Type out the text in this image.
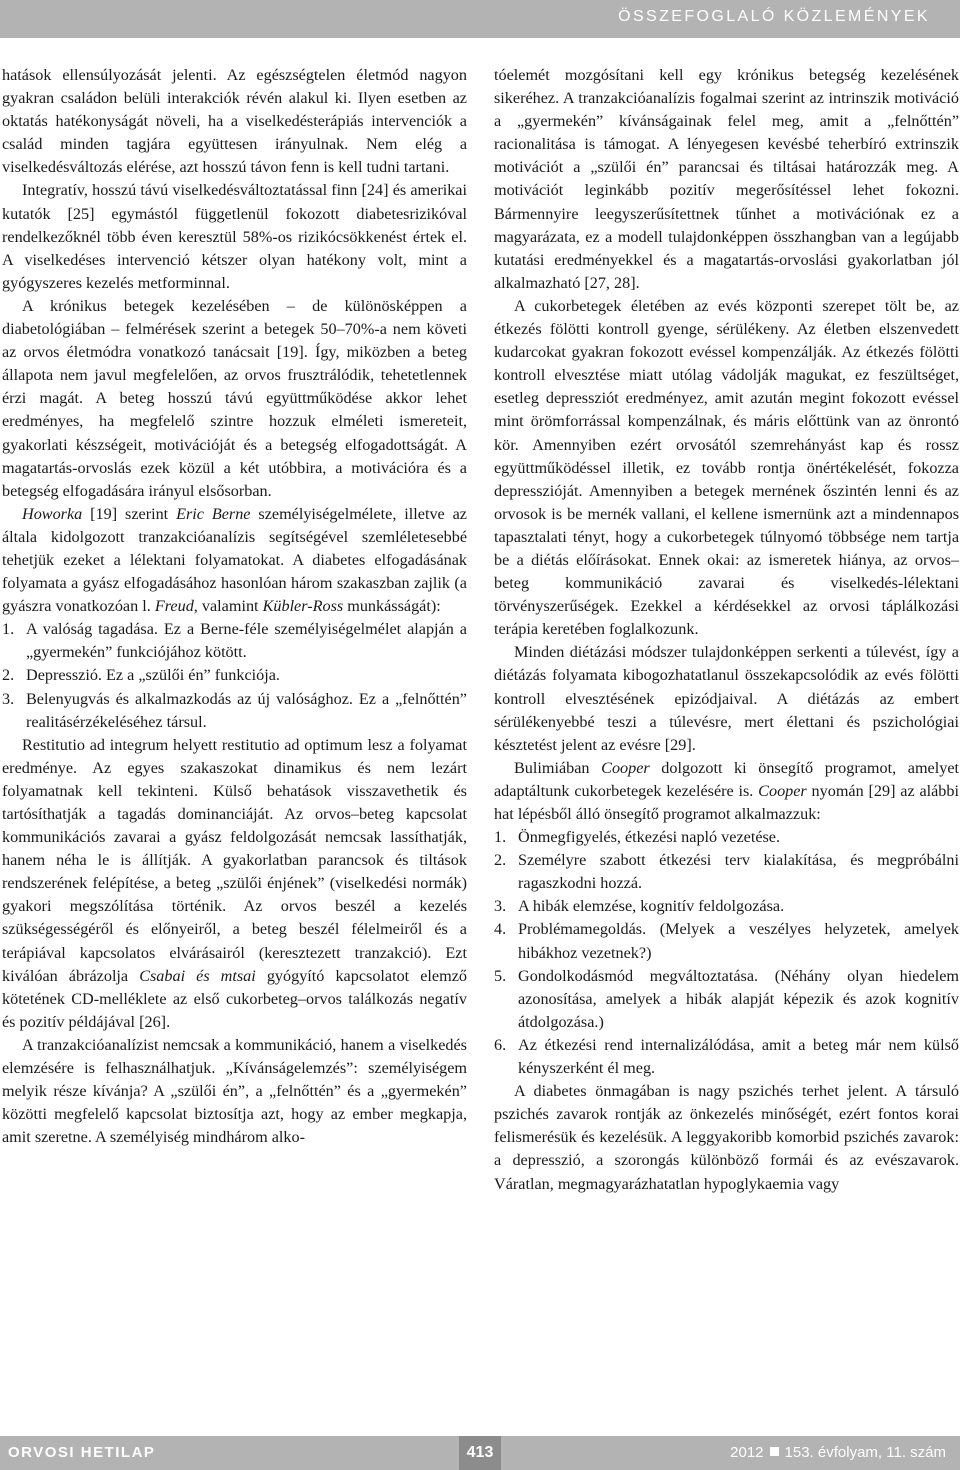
ÖSSZEFOGLALÓ KÖZLEMÉNYEK

hatások ellensúlyozását jelenti. Az egészségtelen életmód nagyon gyakran családon belüli interakciók révén alakul ki. Ilyen esetben az oktatás hatékonyságát növeli, ha a viselkedésterápiás intervenciók a család minden tagjára együttesen irányulnak. Nem elég a viselkedésváltozás elérése, azt hosszú távon fenn is kell tudni tartani.

Integratív, hosszú távú viselkedésváltoztatással finn [24] és amerikai kutatók [25] egymástól függetlenül fokozott diabetesrizikóval rendelkezőknél több éven keresztül 58%-os rizikócsökkenést értek el. A viselkedéses intervenció kétszer olyan hatékony volt, mint a gyógyszeres kezelés metforminnal.

A krónikus betegek kezelésében – de különösképpen a diabetológiában – felmérések szerint a betegek 50–70%-a nem követi az orvos életmódra vonatkozó tanácsait [19]. Így, miközben a beteg állapota nem javul megfelelően, az orvos frusztrálódik, tehetetlennek érzi magát. A beteg hosszú távú együttműködése akkor lehet eredményes, ha megfelelő szintre hozzuk elméleti ismereteit, gyakorlati készségeit, motivációját és a betegség elfogadottságát. A magatartás-orvoslás ezek közül a két utóbbira, a motivációra és a betegség elfogadására irányul elsősorban.

Howorka [19] szerint Eric Berne személyiségelmélete, illetve az általa kidolgozott tranzakcióanalízis segítségével szemléletesebbé tehetjük ezeket a lélektani folyamatokat. A diabetes elfogadásának folyamata a gyász elfogadásához hasonlóan három szakaszban zajlik (a gyászra vonatkozóan l. Freud, valamint Kübler-Ross munkásságát):

1. A valóság tagadása. Ez a Berne-féle személyiségelmélet alapján a „gyermekén” funkciójához kötött.
2. Depresszió. Ez a „szülői én” funkciója.
3. Belenyugvás és alkalmazkodás az új valósághoz. Ez a „felnőttén” realitásérzékeléséhez társul.

Restitutio ad integrum helyett restitutio ad optimum lesz a folyamat eredménye. Az egyes szakaszokat dinamikus és nem lezárt folyamatnak kell tekinteni. Külső behatások visszavethetik és tartósíthatják a tagadás dominanciáját. Az orvos–beteg kapcsolat kommunikációs zavarai a gyász feldolgozását nemcsak lassíthatják, hanem néha le is állítják. A gyakorlatban parancsok és tiltások rendszerének felépítése, a beteg „szülői énjének” (viselkedési normák) gyakori megszólítása történik. Az orvos beszél a kezelés szükségességéről és előnyeiről, a beteg beszél félelmeiről és a terápiával kapcsolatos elvárásairól (keresztezett tranzakció). Ezt kiválóan ábrázolja Csabai és mtsai gyógyító kapcsolatot elemző kötetének CD-melléklete az első cukorbeteg–orvos találkozás negatív és pozitív példájával [26].

A tranzakcióanalízist nemcsak a kommunikáció, hanem a viselkedés elemzésére is felhasználhatjuk. „Kívánságelemzés”: személyiségem melyik része kívánja? A „szülői én”, a „felnőttén” és a „gyermekén” közötti megfelelő kapcsolat biztosítja azt, hogy az ember megkapja, amit szeretne. A személyiség mindhárom alko-

tóelemét mozgósítani kell egy krónikus betegség kezelésének sikeréhez. A tranzakcióanalízis fogalmai szerint az intrinszik motiváció a „gyermekén” kívánságainak felel meg, amit a „felnőttén” racionalitása is támogat. A lényegesen kevésbé teherbíró extrinszik motivációt a „szülői én” parancsai és tiltásai határozzák meg. A motivációt leginkább pozitív megerősítéssel lehet fokozni. Bármennyire leegyszerűsítettnek tűnhet a motivációnak ez a magyarázata, ez a modell tulajdonképpen összhangban van a legújabb kutatási eredményekkel és a magatartás-orvoslási gyakorlatban jól alkalmazható [27, 28].

A cukorbetegek életében az evés központi szerepet tölt be, az étkezés fölötti kontroll gyenge, sérülékeny. Az életben elszenvedett kudarcokat gyakran fokozott evéssel kompenzálják. Az étkezés fölötti kontroll elvesztése miatt utólag vádolják magukat, ez feszültséget, esetleg depressziót eredményez, amit azután megint fokozott evéssel mint örömforrással kompenzálnak, és máris előttünk van az önrontó kör. Amennyiben ezért orvosától szemrehányást kap és rossz együttműködéssel illetik, ez tovább rontja önértékelését, fokozza depresszióját. Amennyiben a betegek mernének őszintén lenni és az orvosok is be mernék vallani, el kellene ismernünk azt a mindennapos tapasztalati tényt, hogy a cukorbetegek túlnyomó többsége nem tartja be a diétás előírásokat. Ennek okai: az ismeretek hiánya, az orvos–beteg kommunikáció zavarai és viselkedés-lélektani törvényszerűségek. Ezekkel a kérdésekkel az orvosi táplálkozási terápia keretében foglalkozunk.

Minden diétázási módszer tulajdonképpen serkenti a túlevést, így a diétázás folyamata kibogozhatatlanul összekapcsolódik az evés fölötti kontroll elvesztésének epizódjaival. A diétázás az embert sérülékenyebbé teszi a túlevésre, mert élettani és pszichológiai késztetést jelent az evésre [29].

Bulimiában Cooper dolgozott ki önsegítő programot, amelyet adaptáltunk cukorbetegek kezelésére is. Cooper nyomán [29] az alábbi hat lépésből álló önsegítő programot alkalmazzuk:

1. Önmegfigyelés, étkezési napló vezetése.
2. Személyre szabott étkezési terv kialakítása, és megpróbálni ragaszkodni hozzá.
3. A hibák elemzése, kognitív feldolgozása.
4. Problémamegoldás. (Melyek a veszélyes helyzetek, amelyek hibákhoz vezetnek?)
5. Gondolkodásmód megváltoztatása. (Néhány olyan hiedelem azonosítása, amelyek a hibák alapját képezik és azok kognitív átdolgozása.)
6. Az étkezési rend internalizálódása, amit a beteg már nem külső kényszerként él meg.

A diabetes önmagában is nagy pszichés terhet jelent. A társuló pszichés zavarok rontják az önkezelés minőségét, ezért fontos korai felismerésük és kezelésük. A leggyakoribb komorbid pszichés zavarok: a depresszió, a szorongás különböző formái és az evészavarok. Váratlan, megmagyarázhatatlan hypoglykaemia vagy

ORVOSI HETILAP	413	2012 153. évfolyam, 11. szám
